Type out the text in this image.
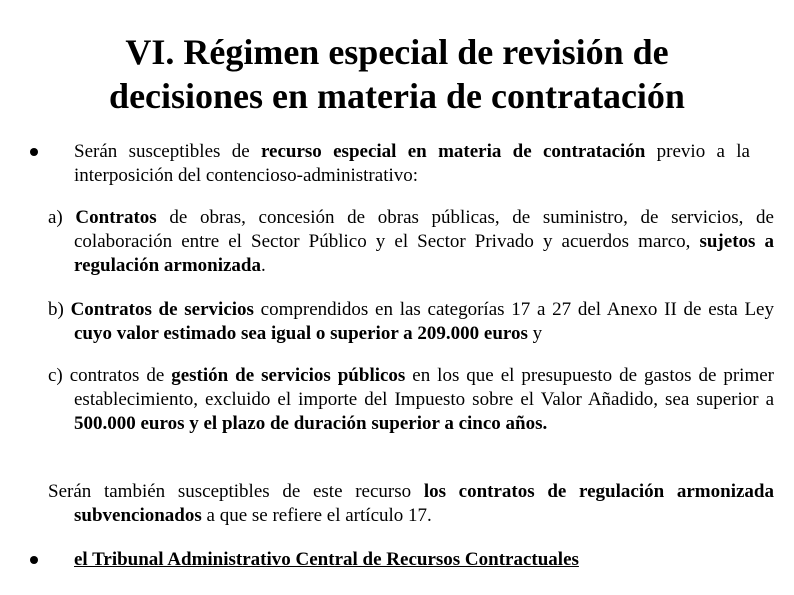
VI. Régimen especial de revisión de
decisiones en materia de contratación
Serán susceptibles de recurso especial en materia de contratación previo a la interposición del contencioso-administrativo:
a) Contratos de obras, concesión de obras públicas, de suministro, de servicios, de colaboración entre el Sector Público y el Sector Privado y acuerdos marco, sujetos a regulación armonizada.
b) Contratos de servicios comprendidos en las categorías 17 a 27 del Anexo II de esta Ley cuyo valor estimado sea igual o superior a 209.000 euros y
c) contratos de gestión de servicios públicos en los que el presupuesto de gastos de primer establecimiento, excluido el importe del Impuesto sobre el Valor Añadido, sea superior a 500.000 euros y el plazo de duración superior a cinco años.
Serán también susceptibles de este recurso los contratos de regulación armonizada subvencionados a que se refiere el artículo 17.
el Tribunal Administrativo Central de Recursos Contractuales
